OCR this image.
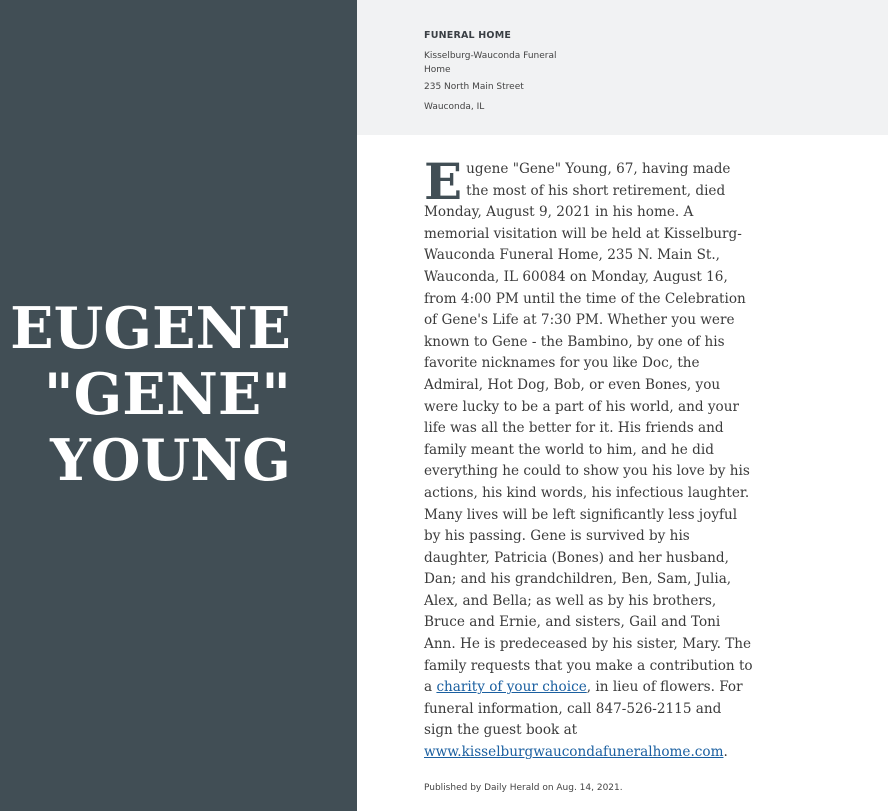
EUGENE
"GENE"
YOUNG
FUNERAL HOME
Kisselburg-Wauconda Funeral Home
235 North Main Street
Wauconda, IL
Eugene "Gene" Young, 67, having made the most of his short retirement, died Monday, August 9, 2021 in his home. A memorial visitation will be held at Kisselburg-Wauconda Funeral Home, 235 N. Main St., Wauconda, IL 60084 on Monday, August 16, from 4:00 PM until the time of the Celebration of Gene's Life at 7:30 PM. Whether you were known to Gene - the Bambino, by one of his favorite nicknames for you like Doc, the Admiral, Hot Dog, Bob, or even Bones, you were lucky to be a part of his world, and your life was all the better for it. His friends and family meant the world to him, and he did everything he could to show you his love by his actions, his kind words, his infectious laughter. Many lives will be left significantly less joyful by his passing. Gene is survived by his daughter, Patricia (Bones) and her husband, Dan; and his grandchildren, Ben, Sam, Julia, Alex, and Bella; as well as by his brothers, Bruce and Ernie, and sisters, Gail and Toni Ann. He is predeceased by his sister, Mary. The family requests that you make a contribution to a charity of your choice, in lieu of flowers. For funeral information, call 847-526-2115 and sign the guest book at www.kisselburgwaucondafuneralhome.com.
Published by Daily Herald on Aug. 14, 2021.
